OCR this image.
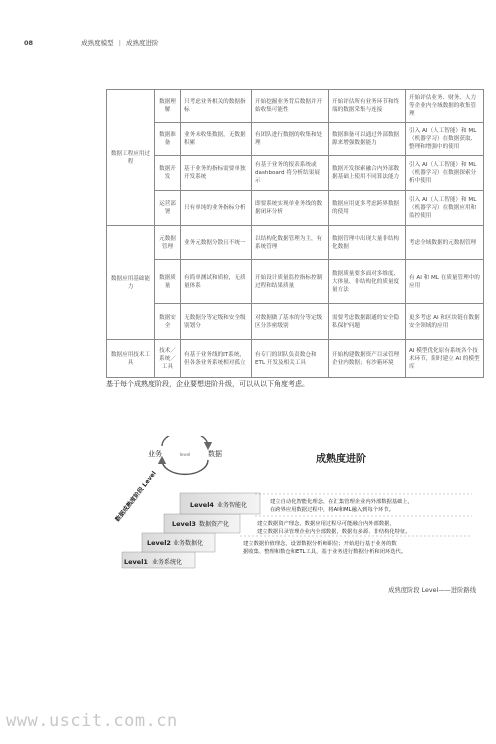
08	成熟度模型 | 成熟度进阶
数据工程应用过程	数据理解	只考虑业务相关的数据指标	开始挖掘业务背后数据并开始收集可能性	开始评估所有业务环节和终端的数据采集与连接	开始评估业务、财务、人力等企业内全域数据的收集管理
	数据准备	业务未收集数据，无数据积累	有团队进行数据的收集和处理	数据准备可以通过外部数据源来增强数据能力	引入 AI（人工智能）和 ML（机器学习）在数据获取、整理和增强中的使用
	数据开发	基于业务的指标需要单独开发系统	有基于业务的报表系统或 dashboard 将分析结果展示	数据开发探索融合内外部数据基础上使用不同算法能力	引入 AI（人工智能）和 ML（机器学习）在数据探索分析中使用
	运营部署	只有单纯的业务指标分析	即要系统实现单业务线的数据闭环分析	数据应用更多考虑跨界数据的使用	引入 AI（人工智能）和 ML（机器学习）在数据应用和监控使用
数据应用基础能力	元数据管理	业务元数据分散且不统一	以结构化数据管理为主，有系统管理	数据管理中出现大量非结构化数据	考虑全域数据的元数据管理
	数据质量	有简单测试和质检，无质量体系	开始设计质量监控指标控制过程和结果质量	数据质量要多面对多维度、大体量、非结构化的质量度量方法	有 AI 和 ML 在质量管理中的应用
	数据安全	无数据分等定级和安全级别划分	对数据做了基本的分等定级区分涉密级别	需要考虑数据跟通的安全隐私保护问题	更多考虑 AI 和区块链在数据安全领域的应用
数据应用技术工具	技术／系统／工具	有基于业务线的IT系统，但各条业务系统相对孤立	有专门的团队负责数仓和 ETL 开发及相关工具	开始构建数据资产目录管理企业内数据；有沙箱环境	AI 模型优化原有系统各个技术环节，阳时建立 AI 的模型库
基于每个成熟度阶段，企业要想进阶升级，可以从以下角度考虑。
业务	level	数据	成熟度进阶
Level1 业务系统化
Level2 业务数据化
Level3 数据资产化
Level4 业务智能化
数据成熟度阶段 Level
建立数据价值理念，设置数据分析师职位；开始进行基于业务的数
据收集、整理和数仓和ETL工具，基于业务进行数据分析和闭环迭代。
建立数据资产理念，数据应用过程尽可能融合内外部数据，
建立数据目录管理企业内全部数据，数据有多源、非结构化特征。
建立自动化智能化理念，在汇集管理企业内外部数据基础上，
在跨界应用数据过程中，将AI和ML融入到每个环节。
成熟度阶段 Level——进阶路线
www.uscit.com.cn
